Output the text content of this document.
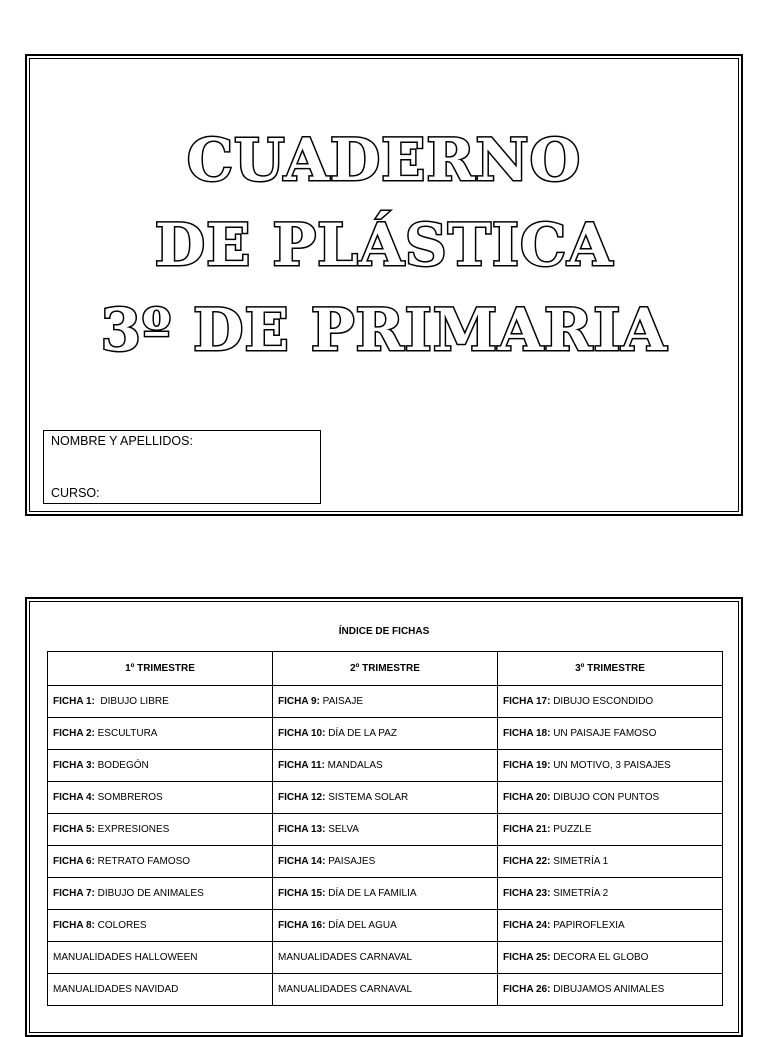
CUADERNO
DE PLÁSTICA
3º DE PRIMARIA
NOMBRE Y APELLIDOS:
CURSO:
ÍNDICE DE FICHAS
1º TRIMESTRE	2º TRIMESTRE	3º TRIMESTRE
FICHA 1:  DIBUJO LIBRE	FICHA 9: PAISAJE	FICHA 17: DIBUJO ESCONDIDO
FICHA 2: ESCULTURA	FICHA 10: DÍA DE LA PAZ	FICHA 18: UN PAISAJE FAMOSO
FICHA 3: BODEGÓN	FICHA 11: MANDALAS	FICHA 19: UN MOTIVO, 3 PAISAJES
FICHA 4: SOMBREROS	FICHA 12: SISTEMA SOLAR	FICHA 20: DIBUJO CON PUNTOS
FICHA 5: EXPRESIONES	FICHA 13: SELVA	FICHA 21: PUZZLE
FICHA 6: RETRATO FAMOSO	FICHA 14: PAISAJES	FICHA 22: SIMETRÍA 1
FICHA 7: DIBUJO DE ANIMALES	FICHA 15: DÍA DE LA FAMILIA	FICHA 23: SIMETRÍA 2
FICHA 8: COLORES	FICHA 16: DÍA DEL AGUA	FICHA 24: PAPIROFLEXIA
MANUALIDADES HALLOWEEN	MANUALIDADES CARNAVAL	FICHA 25: DECORA EL GLOBO
MANUALIDADES NAVIDAD	MANUALIDADES CARNAVAL	FICHA 26: DIBUJAMOS ANIMALES
